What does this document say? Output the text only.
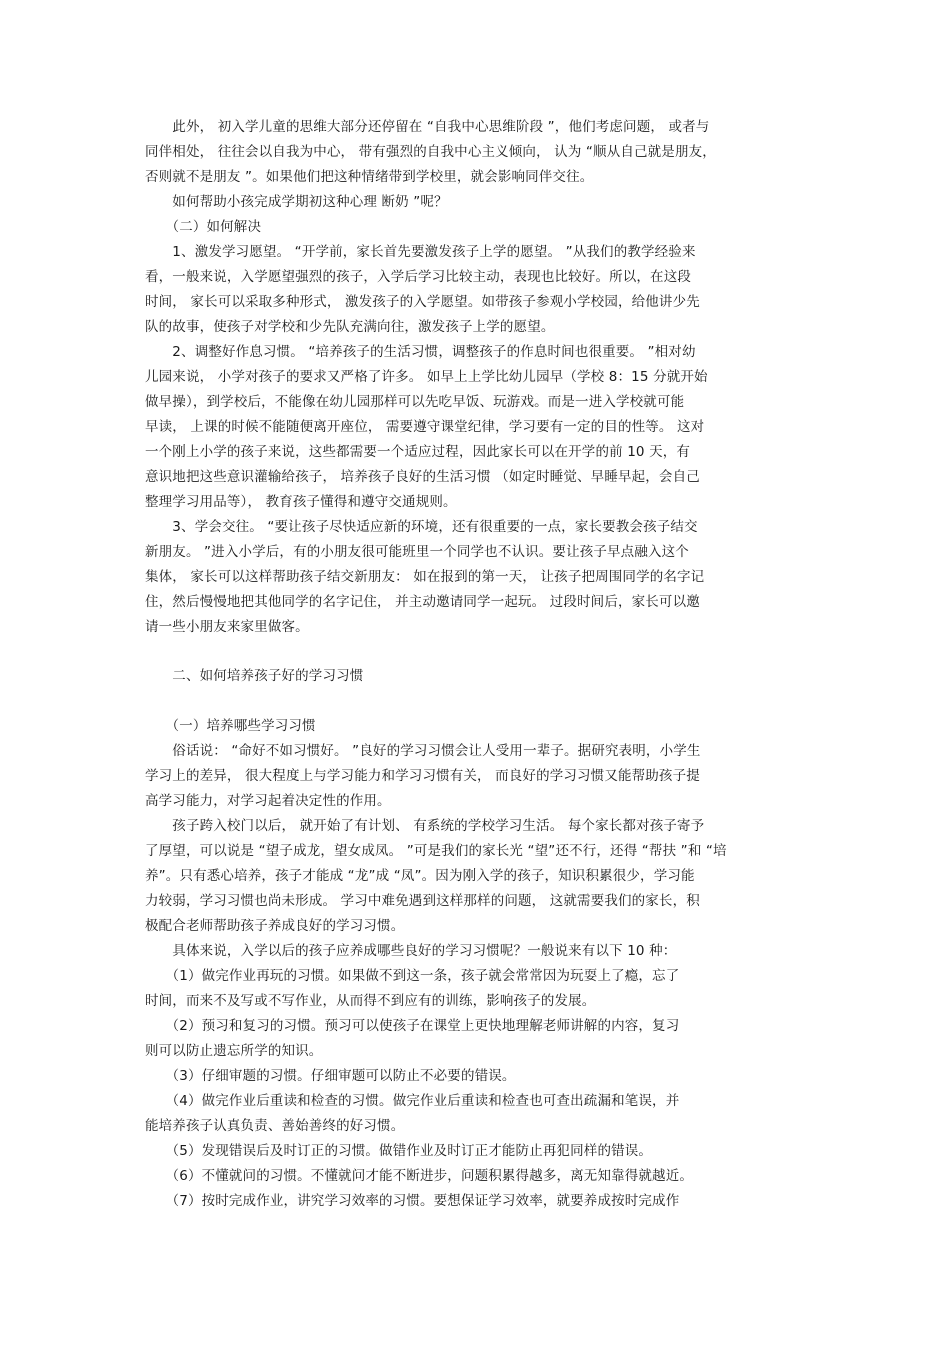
　　此外， 初入学儿童的思维大部分还停留在 “自我中心思维阶段 ”，他们考虑问题， 或者与
同伴相处， 往往会以自我为中心， 带有强烈的自我中心主义倾向， 认为 “顺从自己就是朋友，
否则就不是朋友 ”。如果他们把这种情绪带到学校里，就会影响同伴交往。
　　如何帮助小孩完成学期初这种心理 断奶 ”呢？
　　（二）如何解决
　　1、激发学习愿望。 “开学前，家长首先要激发孩子上学的愿望。 ”从我们的教学经验来
看，一般来说，入学愿望强烈的孩子，入学后学习比较主动，表现也比较好。所以，在这段
时间， 家长可以采取多种形式， 激发孩子的入学愿望。如带孩子参观小学校园，给他讲少先
队的故事，使孩子对学校和少先队充满向往，激发孩子上学的愿望。
　　2、调整好作息习惯。 “培养孩子的生活习惯，调整孩子的作息时间也很重要。 ”相对幼
儿园来说， 小学对孩子的要求又严格了许多。 如早上上学比幼儿园早（学校 8：15 分就开始
做早操），到学校后，不能像在幼儿园那样可以先吃早饭、玩游戏。而是一进入学校就可能
早读， 上课的时候不能随便离开座位， 需要遵守课堂纪律，学习要有一定的目的性等。 这对
一个刚上小学的孩子来说，这些都需要一个适应过程，因此家长可以在开学的前 10 天，有
意识地把这些意识灌输给孩子， 培养孩子良好的生活习惯 （如定时睡觉、早睡早起，会自己
整理学习用品等）， 教育孩子懂得和遵守交通规则。
　　3、学会交往。 “要让孩子尽快适应新的环境，还有很重要的一点，家长要教会孩子结交
新朋友。 ”进入小学后，有的小朋友很可能班里一个同学也不认识。要让孩子早点融入这个
集体， 家长可以这样帮助孩子结交新朋友： 如在报到的第一天， 让孩子把周围同学的名字记
住，然后慢慢地把其他同学的名字记住， 并主动邀请同学一起玩。 过段时间后，家长可以邀
请一些小朋友来家里做客。
　　二、如何培养孩子好的学习习惯
　　（一）培养哪些学习习惯
　　俗话说： “命好不如习惯好。 ”良好的学习习惯会让人受用一辈子。据研究表明，小学生
学习上的差异， 很大程度上与学习能力和学习习惯有关， 而良好的学习习惯又能帮助孩子提
高学习能力，对学习起着决定性的作用。
　　孩子跨入校门以后， 就开始了有计划、 有系统的学校学习生活。 每个家长都对孩子寄予
了厚望，可以说是 “望子成龙，望女成凤。 ”可是我们的家长光 “望”还不行，还得 “帮扶 ”和 “培
养”。只有悉心培养，孩子才能成 “龙”成 “凤”。因为刚入学的孩子，知识积累很少，学习能
力较弱，学习习惯也尚未形成。 学习中难免遇到这样那样的问题， 这就需要我们的家长，积
极配合老师帮助孩子养成良好的学习习惯。
　　具体来说，入学以后的孩子应养成哪些良好的学习习惯呢？一般说来有以下 10 种：
　　（1）做完作业再玩的习惯。如果做不到这一条，孩子就会常常因为玩耍上了瘾，忘了
时间，而来不及写或不写作业，从而得不到应有的训练，影响孩子的发展。
　　（2）预习和复习的习惯。预习可以使孩子在课堂上更快地理解老师讲解的内容，复习
则可以防止遗忘所学的知识。
　　（3）仔细审题的习惯。仔细审题可以防止不必要的错误。
　　（4）做完作业后重读和检查的习惯。做完作业后重读和检查也可查出疏漏和笔误，并
能培养孩子认真负责、善始善终的好习惯。
　　（5）发现错误后及时订正的习惯。做错作业及时订正才能防止再犯同样的错误。
　　（6）不懂就问的习惯。不懂就问才能不断进步，问题积累得越多，离无知靠得就越近。
　　（7）按时完成作业，讲究学习效率的习惯。要想保证学习效率，就要养成按时完成作
